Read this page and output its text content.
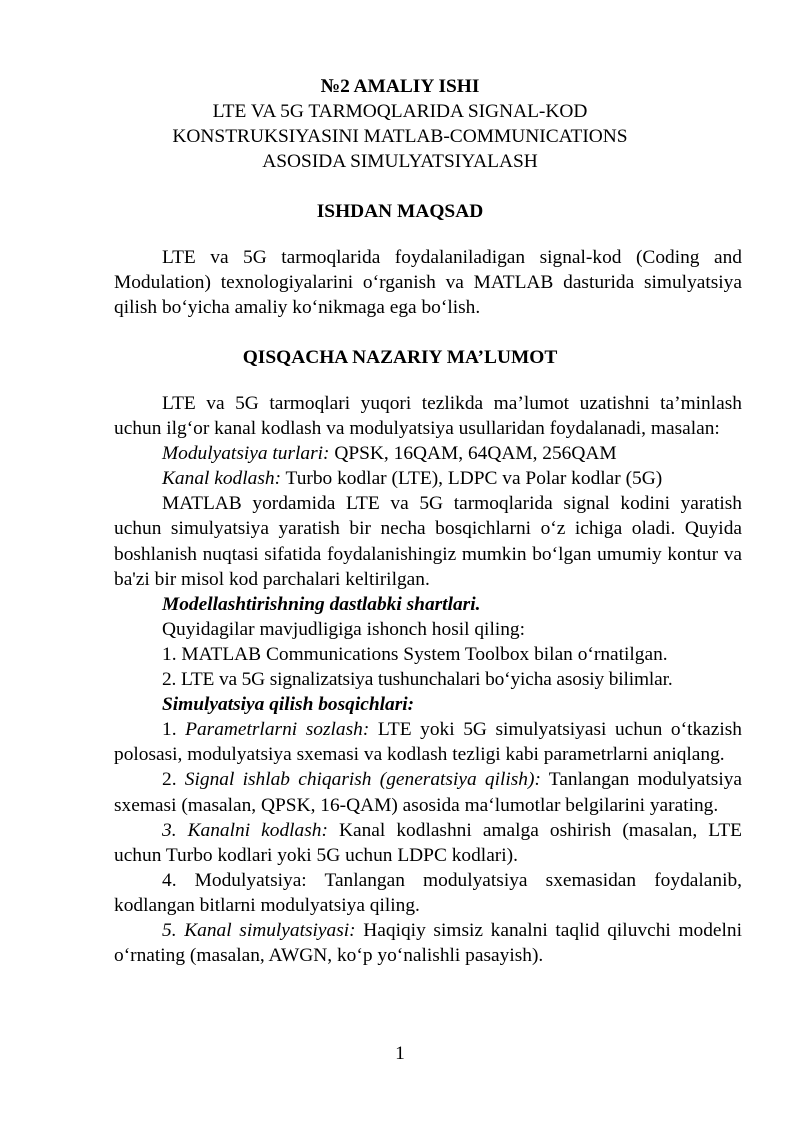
№2 AMALIY ISHI
LTE VA 5G TARMOQLARIDA SIGNAL-KOD
KONSTRUKSIYASINI MATLAB-COMMUNICATIONS
ASOSIDA SIMULYATSIYALASH
ISHDAN MAQSAD

LTE va 5G tarmoqlarida foydalaniladigan signal-kod (Coding and Modulation) texnologiyalarini o‘rganish va MATLAB dasturida simulyatsiya qilish bo‘yicha amaliy ko‘nikmaga ega bo‘lish.

QISQACHA NAZARIY MA’LUMOT

LTE va 5G tarmoqlari yuqori tezlikda ma’lumot uzatishni ta’minlash uchun ilg‘or kanal kodlash va modulyatsiya usullaridan foydalanadi, masalan:

Modulyatsiya turlari: QPSK, 16QAM, 64QAM, 256QAM

Kanal kodlash: Turbo kodlar (LTE), LDPC va Polar kodlar (5G)

MATLAB yordamida LTE va 5G tarmoqlarida signal kodini yaratish uchun simulyatsiya yaratish bir necha bosqichlarni o‘z ichiga oladi. Quyida boshlanish nuqtasi sifatida foydalanishingiz mumkin bo‘lgan umumiy kontur va ba'zi bir misol kod parchalari keltirilgan.

Modellashtirishning dastlabki shartlari.

Quyidagilar mavjudligiga ishonch hosil qiling:

1. MATLAB Communications System Toolbox bilan o‘rnatilgan.

2. LTE va 5G signalizatsiya tushunchalari bo‘yicha asosiy bilimlar.

Simulyatsiya qilish bosqichlari:

1. Parametrlarni sozlash: LTE yoki 5G simulyatsiyasi uchun o‘tkazish polosasi, modulyatsiya sxemasi va kodlash tezligi kabi parametrlarni aniqlang.

2. Signal ishlab chiqarish (generatsiya qilish): Tanlangan modulyatsiya sxemasi (masalan, QPSK, 16-QAM) asosida ma‘lumotlar belgilarini yarating.

3. Kanalni kodlash: Kanal kodlashni amalga oshirish (masalan, LTE uchun Turbo kodlari yoki 5G uchun LDPC kodlari).

4. Modulyatsiya: Tanlangan modulyatsiya sxemasidan foydalanib, kodlangan bitlarni modulyatsiya qiling.

5. Kanal simulyatsiyasi: Haqiqiy simsiz kanalni taqlid qiluvchi modelni o‘rnating (masalan, AWGN, ko‘p yo‘nalishli pasayish).

1
